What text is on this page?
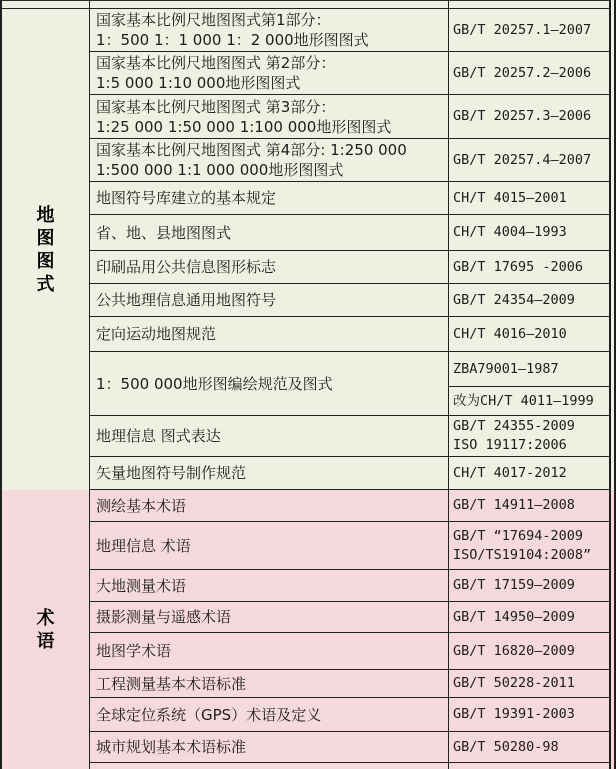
地
图
图
式
国家基本比例尺地图图式第1部分：
1：500 1：1 000 1：2 000地形图图式
GB/T 20257.1—2007
国家基本比例尺地图图式 第2部分：
1:5 000 1:10 000地形图图式
GB/T 20257.2—2006
国家基本比例尺地图图式 第3部分：
1:25 000 1:50 000 1:100 000地形图图式
GB/T 20257.3—2006
国家基本比例尺地图图式 第4部分: 1:250 000
1:500 000 1:1 000 000地形图图式
GB/T 20257.4—2007
地图符号库建立的基本规定	CH/T 4015—2001
省、地、县地图图式	CH/T 4004—1993
印刷品用公共信息图形标志	GB/T 17695 -2006
公共地理信息通用地图符号	GB/T 24354—2009
定向运动地图规范	CH/T 4016—2010
1：500 000地形图编绘规范及图式
ZBA79001—1987
改为CH/T 4011—1999
地理信息 图式表达
GB/T 24355-2009
ISO 19117:2006
矢量地图符号制作规范	CH/T 4017-2012
术
语
测绘基本术语	GB/T 14911—2008
地理信息 术语
GB/T “17694-2009
ISO/TS19104:2008”
大地测量术语	GB/T 17159—2009
摄影测量与遥感术语	GB/T 14950—2009
地图学术语	GB/T 16820—2009
工程测量基本术语标准	GB/T 50228-2011
全球定位系统（GPS）术语及定义	GB/T 19391-2003
城市规划基本术语标准	GB/T 50280-98
